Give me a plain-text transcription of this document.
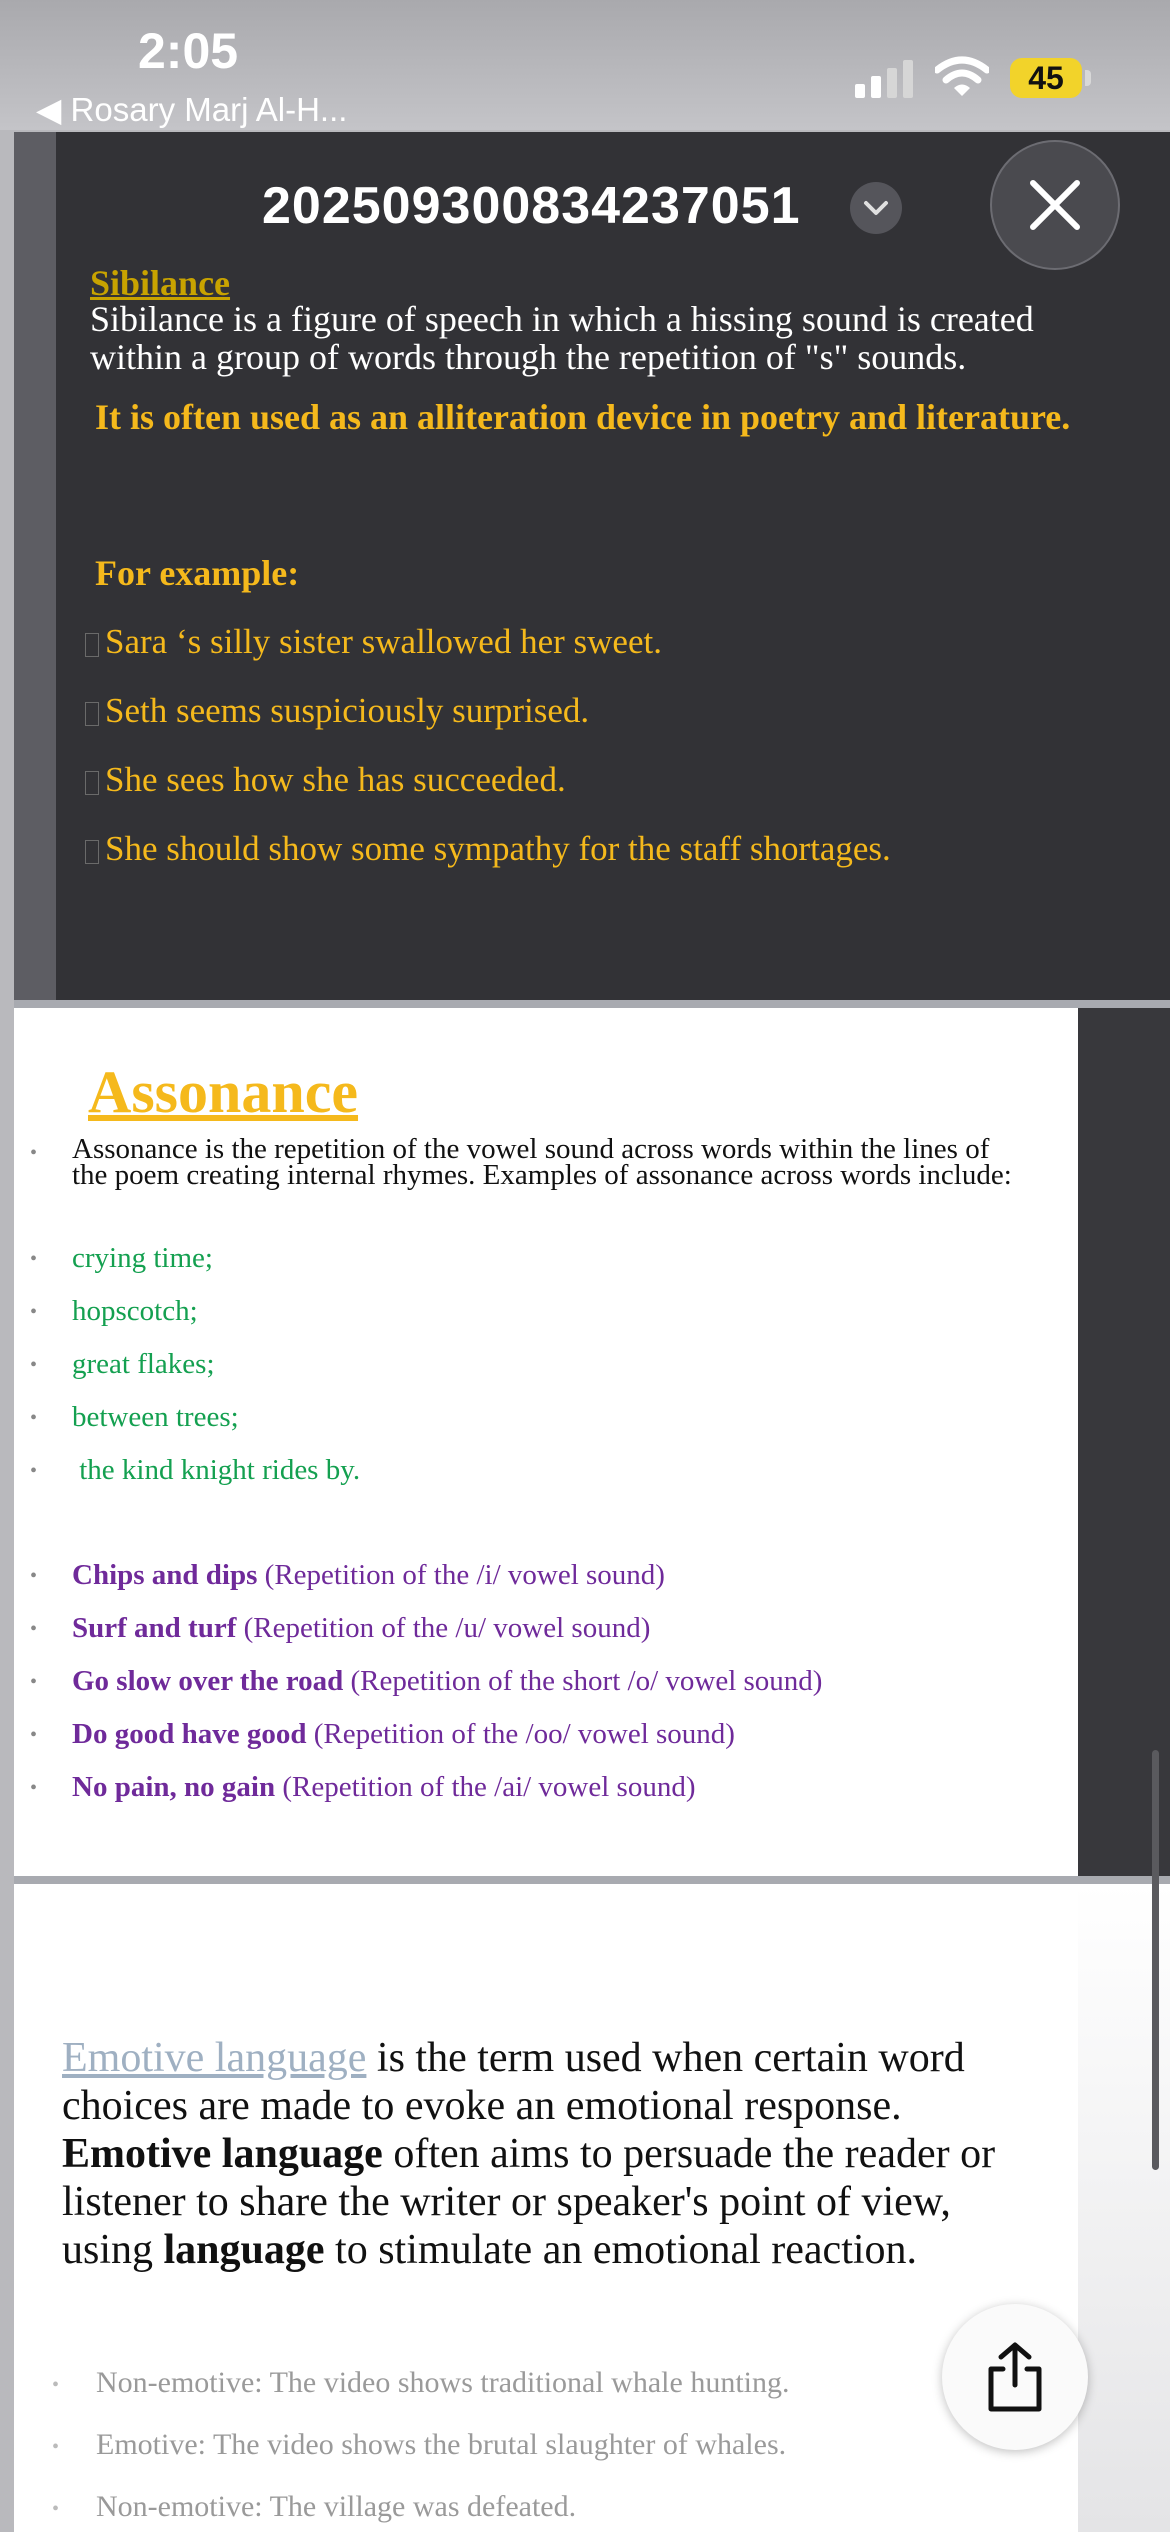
2:05
◀ Rosary Marj Al-H...
45
202509300834237051
Sibilance
Sibilance is a figure of speech in which a hissing sound is created within a group of words through the repetition of "s" sounds.
It is often used as an alliteration device in poetry and literature.
For example:
Sara ‘s silly sister swallowed her sweet.
Seth seems suspiciously surprised.
She sees how she has succeeded.
She should show some sympathy for the staff shortages.
Assonance
• Assonance is the repetition of the vowel sound across words within the lines of the poem creating internal rhymes. Examples of assonance across words include:
• crying time;
• hopscotch;
• great flakes;
• between trees;
• the kind knight rides by.
• Chips and dips (Repetition of the /i/ vowel sound)
• Surf and turf (Repetition of the /u/ vowel sound)
• Go slow over the road (Repetition of the short /o/ vowel sound)
• Do good have good (Repetition of the /oo/ vowel sound)
• No pain, no gain (Repetition of the /ai/ vowel sound)
Emotive language is the term used when certain word choices are made to evoke an emotional response. Emotive language often aims to persuade the reader or listener to share the writer or speaker's point of view, using language to stimulate an emotional reaction.
• Non-emotive: The video shows traditional whale hunting.
• Emotive: The video shows the brutal slaughter of whales.
• Non-emotive: The village was defeated.
